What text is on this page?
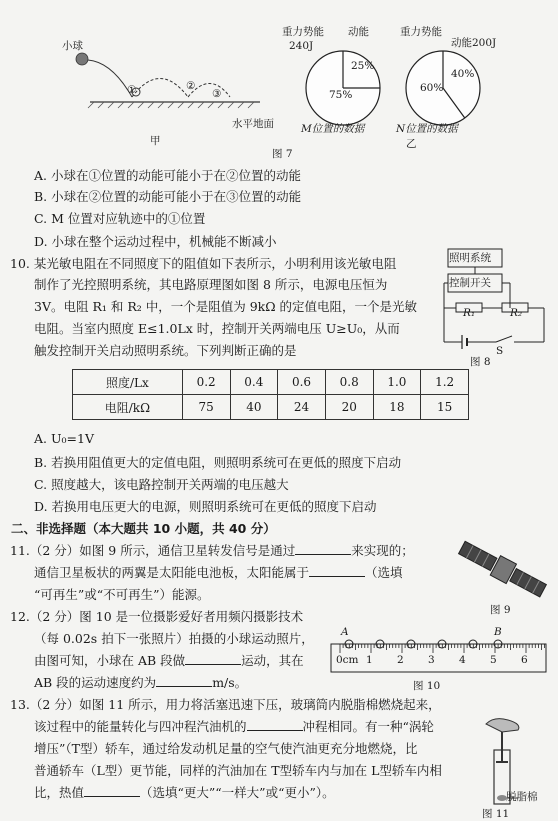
小球
①	②
③
水平地面
甲
重力势能
240J
动能
25%
75%
M位置的数据
重力势能
动能200J
40%
60%
N位置的数据
乙
图 7
A. 小球在①位置的动能可能小于在②位置的动能
B. 小球在②位置的动能可能小于在③位置的动能
C. M 位置对应轨迹中的①位置
D. 小球在整个运动过程中，机械能不断减小
10. 某光敏电阻在不同照度下的阻值如下表所示，小明利用该光敏电阻
制作了光控照明系统，其电路原理图如图 8 所示，电源电压恒为
3V。电阻 R₁ 和 R₂ 中，一个是阻值为 9kΩ 的定值电阻，一个是光敏
电阻。当室内照度 E≤1.0Lx 时，控制开关两端电压 U≥U₀，从而
触发控制开关启动照明系统。下列判断正确的是
照明系统
控制开关
R₁	R₂
S
图 8
照度/Lx	0.2	0.4	0.6	0.8	1.0	1.2
电阻/kΩ	75	40	24	20	18	15
A. U₀=1V
B. 若换用阻值更大的定值电阻，则照明系统可在更低的照度下启动
C. 照度越大，该电路控制开关两端的电压越大
D. 若换用电压更大的电源，则照明系统可在更低的照度下启动
二、非选择题（本大题共 10 小题，共 40 分）
11.（2 分）如图 9 所示，通信卫星转发信号是通过	来实现的；
通信卫星板状的两翼是太阳能电池板，太阳能属于	（选填
“可再生”或“不可再生”）能源。
图 9
12.（2 分）图 10 是一位摄影爱好者用频闪摄影技术
（每 0.02s 拍下一张照片）拍摄的小球运动照片，
由图可知，小球在 AB 段做	运动，其在
AB 段的运动速度约为	m/s。
A	B
0cm 1 2 3 4 5 6
图 10
13.（2 分）如图 11 所示，用力将活塞迅速下压，玻璃筒内脱脂棉燃烧起来，
该过程中的能量转化与四冲程汽油机的	冲程相同。有一种“涡轮
增压”（T型）轿车，通过给发动机足量的空气使汽油更充分地燃烧，比
普通轿车（L型）更节能，同样的汽油加在 T型轿车内与加在 L型轿车内相
比，热值	（选填“更大”“一样大”或“更小”）。	脱脂棉
图 11
